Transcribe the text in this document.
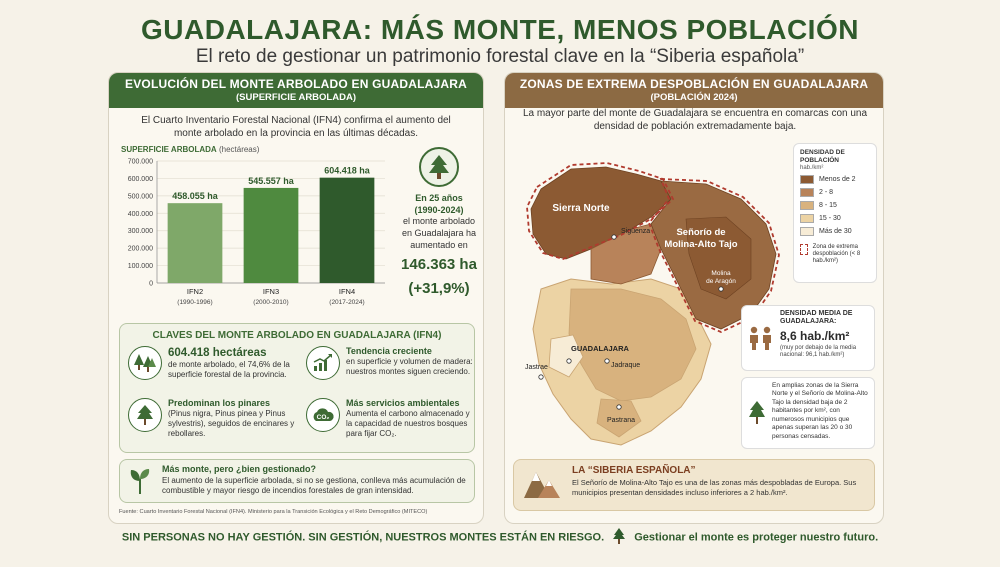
GUADALAJARA: MÁS MONTE, MENOS POBLACIÓN
El reto de gestionar un patrimonio forestal clave en la “Siberia española”
EVOLUCIÓN DEL MONTE ARBOLADO EN GUADALAJARA
(SUPERFICIE ARBOLADA)
El Cuarto Inventario Forestal Nacional (IFN4) confirma el aumento del monte arbolado en la provincia en las últimas décadas.
SUPERFICIE ARBOLADA (hectáreas)
0
100.000
200.000
300.000
400.000
500.000
600.000
700.000
458.055 ha
IFN2
(1990-1996)
545.557 ha
IFN3
(2000-2010)
604.418 ha
IFN4
(2017-2024)
En 25 años
(1990-2024)
el monte arbolado en Guadalajara ha aumentado en
146.363 ha
(+31,9%)
CLAVES DEL MONTE ARBOLADO EN GUADALAJARA (IFN4)
604.418 hectáreas
de monte arbolado, el 74,6% de la superficie forestal de la provincia.
Tendencia creciente
en superficie y volumen de madera: nuestros montes siguen creciendo.
Predominan los pinares
(Pinus nigra, Pinus pinea y Pinus sylvestris), seguidos de encinares y rebollares.
CO₂
Más servicios ambientales
Aumenta el carbono almacenado y la capacidad de nuestros bosques para fijar CO₂.
Más monte, pero ¿bien gestionado?
El aumento de la superficie arbolada, si no se gestiona, conlleva más acumulación de combustible y mayor riesgo de incendios forestales de gran intensidad.
Fuente: Cuarto Inventario Forestal Nacional (IFN4). Ministerio para la Transición Ecológica y el Reto Demográfico (MITECO)
ZONAS DE EXTREMA DESPOBLACIÓN EN GUADALAJARA
(POBLACIÓN 2024)
La mayor parte del monte de Guadalajara se encuentra en comarcas con una densidad de población extremadamente baja.
Sierra Norte
Señorío de
Molina-Alto Tajo
Sigüenza
Molina
de Aragón
GUADALAJARA
Jadraque
Jastrae
Pastrana
DENSIDAD DE POBLACIÓN
hab./km²
Menos de 2
2 - 8
8 - 15
15 - 30
Más de 30
Zona de extrema despoblación (< 8 hab./km²)
DENSIDAD MEDIA DE GUADALAJARA:
8,6 hab./km²
(muy por debajo de la media nacional: 96,1 hab./km²)
En amplias zonas de la Sierra Norte y el Señorío de Molina-Alto Tajo la densidad baja de 2 habitantes por km², con numerosos municipios que apenas superan las 20 o 30 personas censadas.
LA “SIBERIA ESPAÑOLA”
El Señorío de Molina-Alto Tajo es una de las zonas más despobladas de Europa. Sus municipios presentan densidades incluso inferiores a 2 hab./km².
SIN PERSONAS NO HAY GESTIÓN. SIN GESTIÓN, NUESTROS MONTES ESTÁN EN RIESGO.	Gestionar el monte es proteger nuestro futuro.
